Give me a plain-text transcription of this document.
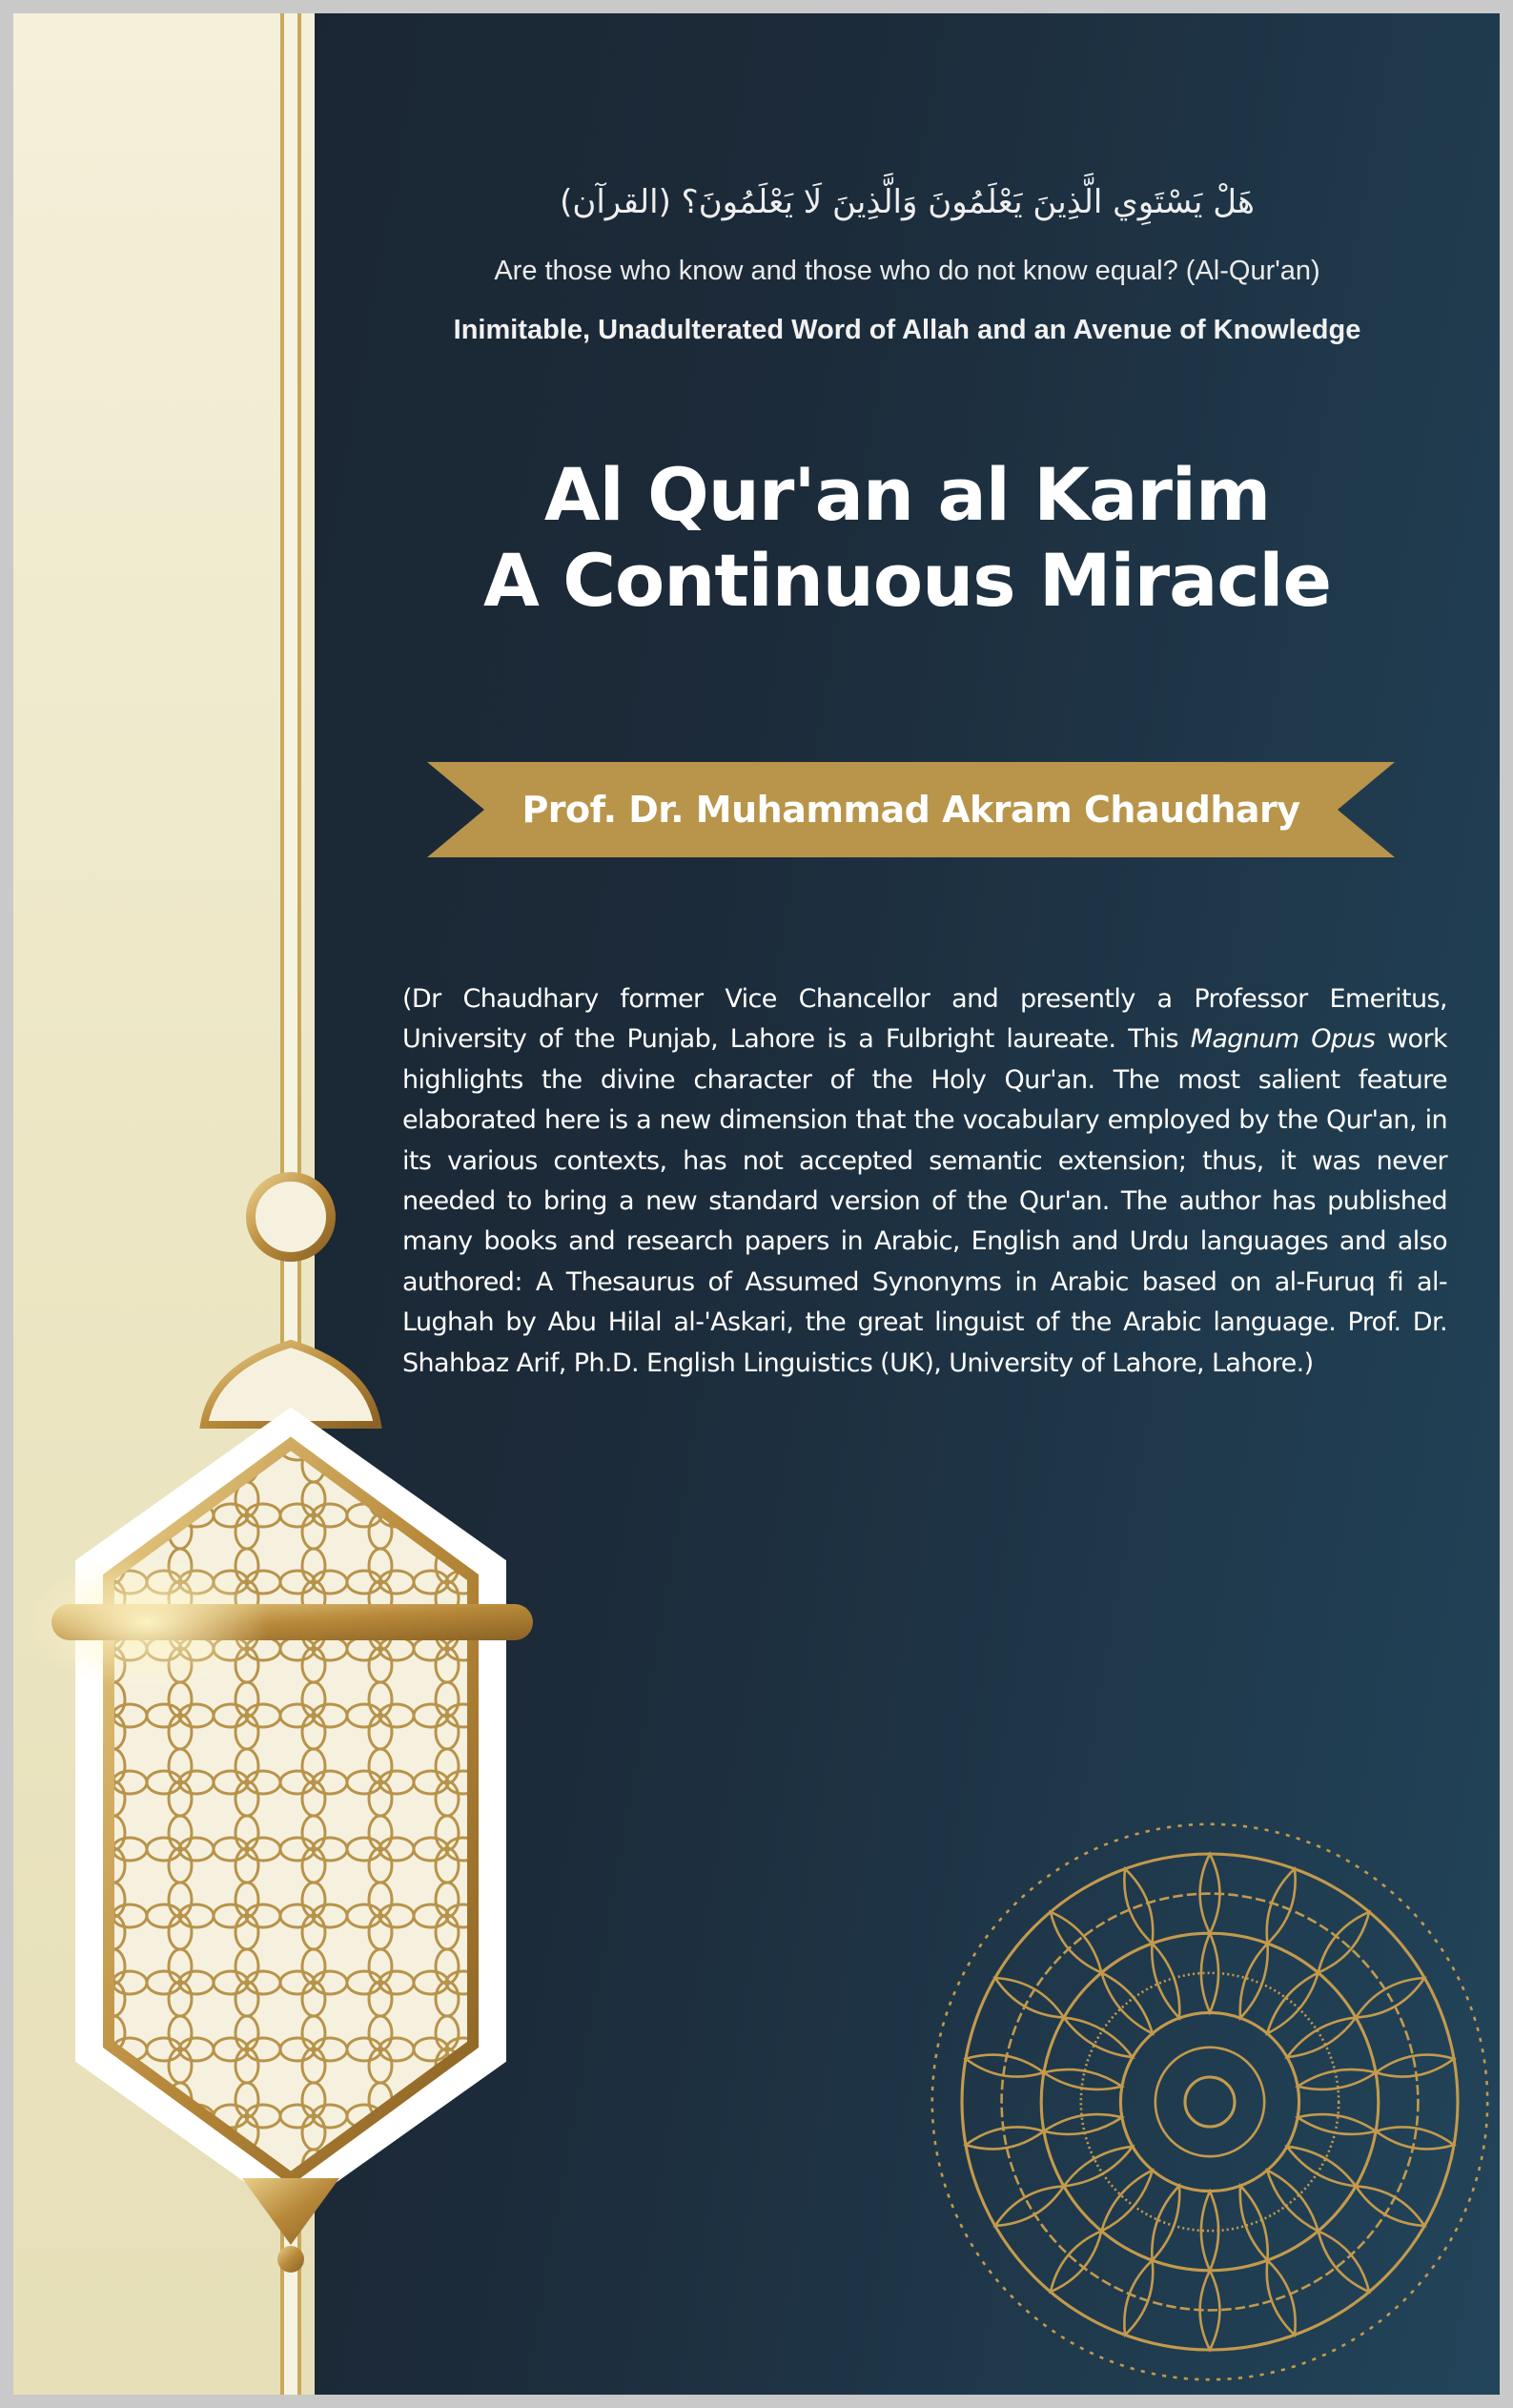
هَلْ يَسْتَوِي الَّذِينَ يَعْلَمُونَ وَالَّذِينَ لَا يَعْلَمُونَ؟ (القرآن)
Are those who know and those who do not know equal? (Al-Qur'an)
Inimitable, Unadulterated Word of Allah and an Avenue of Knowledge
Al Qur'an al Karim
A Continuous Miracle
Prof. Dr. Muhammad Akram Chaudhary
(Dr Chaudhary former Vice Chancellor and presently a Professor Emeritus, University of the Punjab, Lahore is a Fulbright laureate. This Magnum Opus work highlights the divine character of the Holy Qur'an. The most salient feature elaborated here is a new dimension that the vocabulary employed by the Qur'an, in its various contexts, has not accepted semantic extension; thus, it was never needed to bring a new standard version of the Qur'an. The author has published many books and research papers in Arabic, English and Urdu languages and also authored: A Thesaurus of Assumed Synonyms in Arabic based on al-Furuq fi al-Lughah by Abu Hilal al-'Askari, the great linguist of the Arabic language. Prof. Dr. Shahbaz Arif, Ph.D. English Linguistics (UK), University of Lahore, Lahore.)
